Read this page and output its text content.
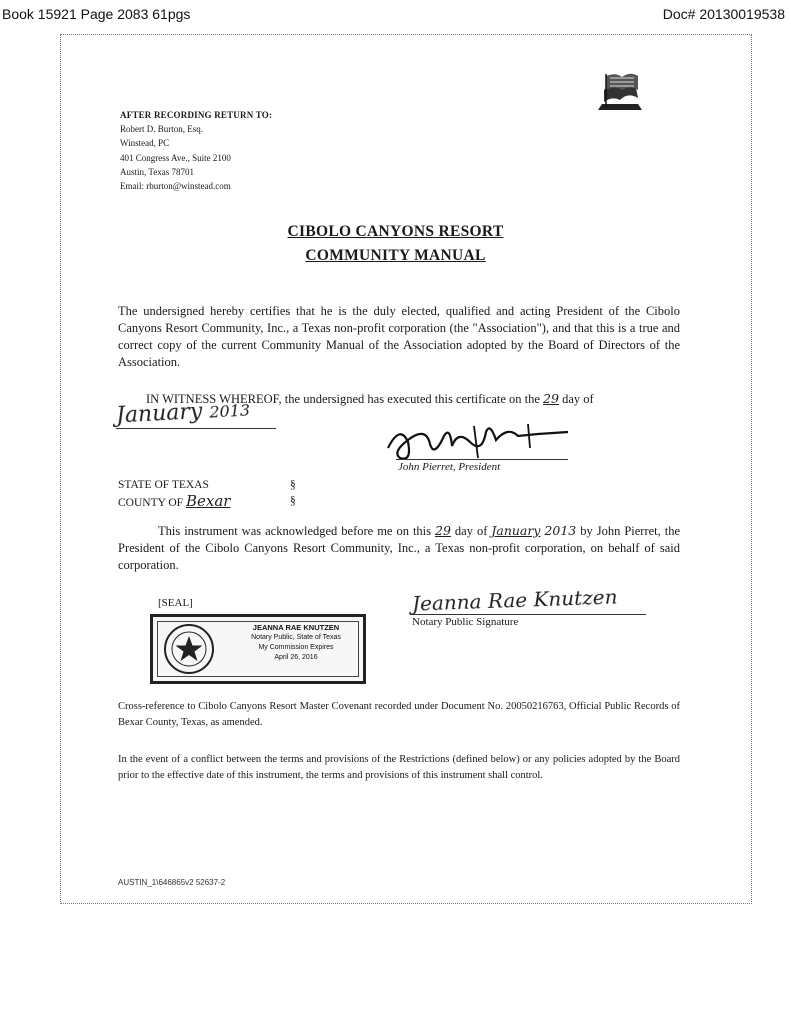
Book 15921 Page 2083 61pgs	Doc# 20130019538
AFTER RECORDING RETURN TO:
Robert D. Burton, Esq.
Winstead, PC
401 Congress Ave., Suite 2100
Austin, Texas 78701
Email: rburton@winstead.com
CIBOLO CANYONS RESORT
COMMUNITY MANUAL
The undersigned hereby certifies that he is the duly elected, qualified and acting President of the Cibolo Canyons Resort Community, Inc., a Texas non-profit corporation (the "Association"), and that this is a true and correct copy of the current Community Manual of the Association adopted by the Board of Directors of the Association.
IN WITNESS WHEREOF, the undersigned has executed this certificate on the 29 day of
January 2013
John Pierret, President
STATE OF TEXAS	§
COUNTY OF Bexar	§
This instrument was acknowledged before me on this 29 day of January 2013 by John Pierret, the President of the Cibolo Canyons Resort Community, Inc., a Texas non-profit corporation, on behalf of said corporation.
[SEAL]	Jeanna Rae Knutzen
Notary Public Signature
JEANNA RAE KNUTZEN
Notary Public, State of Texas
My Commission Expires
April 26, 2016
Cross-reference to Cibolo Canyons Resort Master Covenant recorded under Document No. 20050216763, Official Public Records of Bexar County, Texas, as amended.
In the event of a conflict between the terms and provisions of the Restrictions (defined below) or any policies adopted by the Board prior to the effective date of this instrument, the terms and provisions of this instrument shall control.
AUSTIN_1\646865v2 52637-2
